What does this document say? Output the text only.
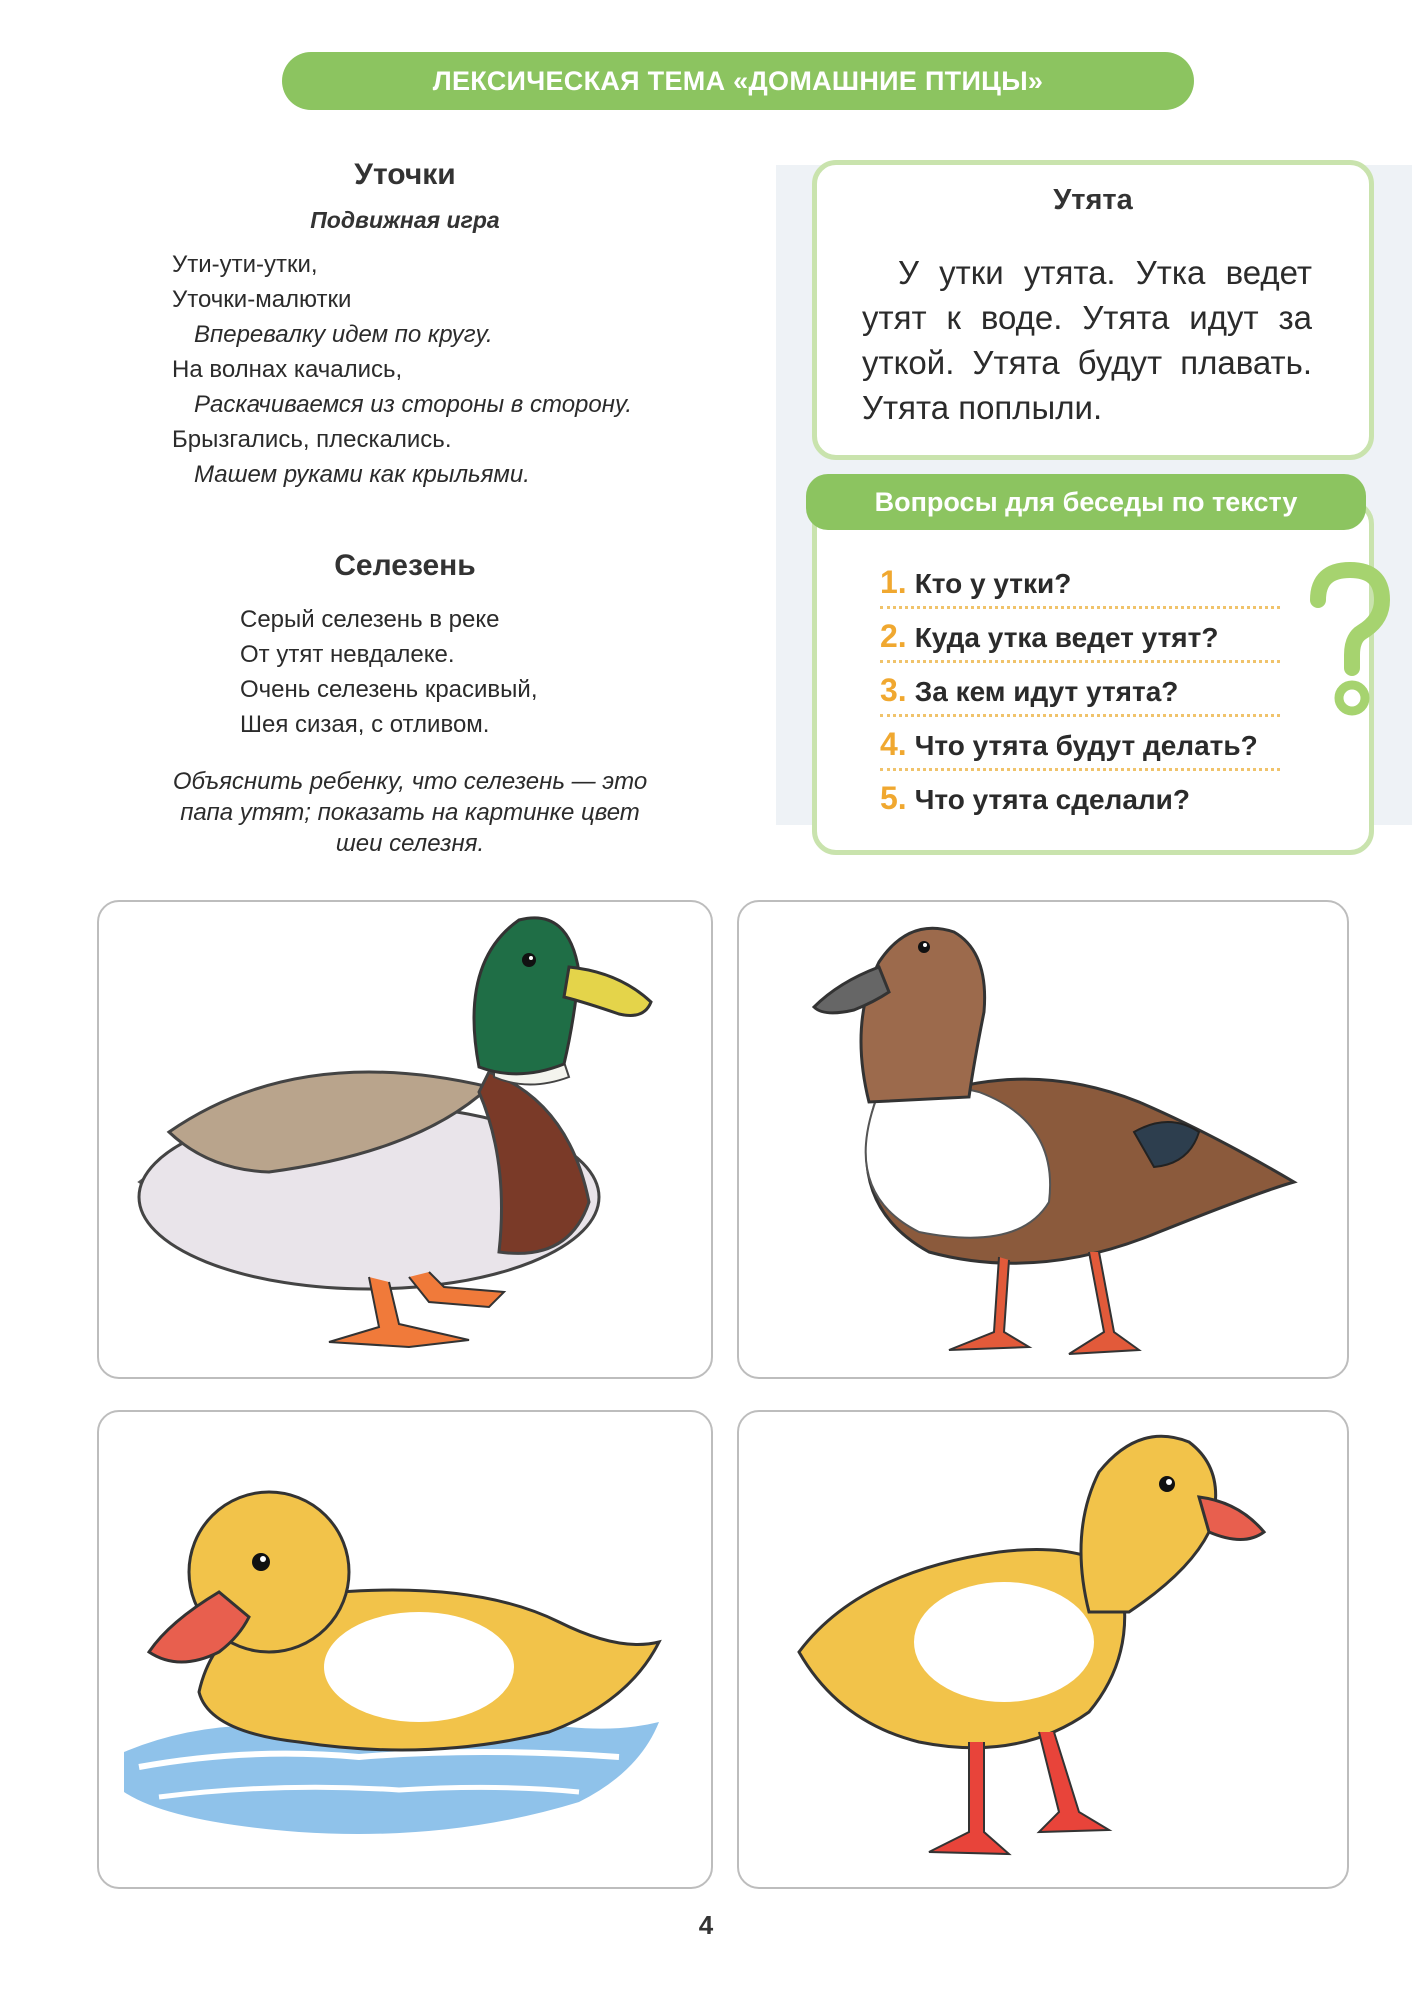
ЛЕКСИЧЕСКАЯ ТЕМА «ДОМАШНИЕ ПТИЦЫ»
Уточки
Подвижная игра
Ути-ути-утки,
Уточки-малютки
Вперевалку идем по кругу.
На волнах качались,
Раскачиваемся из стороны в сторону.
Брызгались, плескались.
Машем руками как крыльями.
Селезень
Серый селезень в реке
От утят невдалеке.
Очень селезень красивый,
Шея сизая, с отливом.
Объяснить ребенку, что селезень — это папа утят; показать на картинке цвет шеи селезня.
Утята
У утки утята. Утка ведет утят к воде. Утята идут за уткой. Утята будут плавать. Утята поплыли.
Вопросы для беседы по тексту
1. Кто у утки?
2. Куда утка ведет утят?
3. За кем идут утята?
4. Что утята будут делать?
5. Что утята сделали?
4
